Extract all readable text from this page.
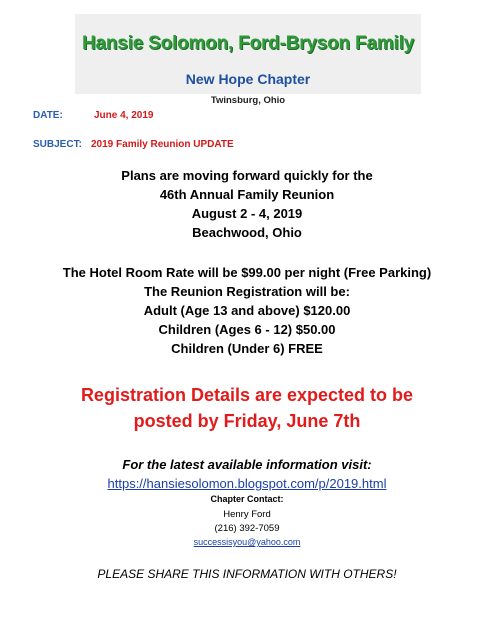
Hansie Solomon, Ford-Bryson Family
New Hope Chapter
Twinsburg, Ohio
DATE:	June 4, 2019
SUBJECT: 2019 Family Reunion UPDATE
Plans are moving forward quickly for the
46th Annual Family Reunion
August 2 - 4, 2019
Beachwood, Ohio
The Hotel Room Rate will be $99.00 per night (Free Parking)
The Reunion Registration will be:
Adult (Age 13 and above) $120.00
Children (Ages 6 - 12) $50.00
Children (Under 6) FREE
Registration Details are expected to be
posted by Friday, June 7th
For the latest available information visit:
https://hansiesolomon.blogspot.com/p/2019.html
Chapter Contact:
Henry Ford
(216) 392-7059
successisyou@yahoo.com
PLEASE SHARE THIS INFORMATION WITH OTHERS!
